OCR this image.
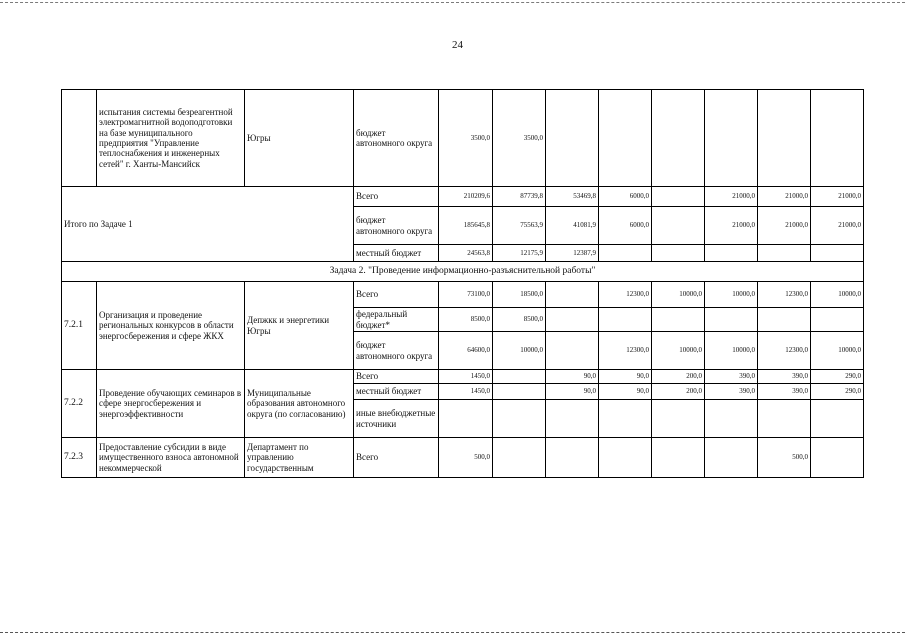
24
	испытания системы безреагентной электромагнитной водоподготовки на базе муниципального предприятия "Управление теплоснабжения и инженерных сетей" г. Ханты-Мансийск	Югры	бюджет автономного округа	3500,0	3500,0						
Итого по Задаче 1			Всего	210209,6	87739,8	53469,8	6000,0		21000,0	21000,0	21000,0
			бюджет автономного округа	185645,8	75563,9	41081,9	6000,0		21000,0	21000,0	21000,0
			местный бюджет	24563,8	12175,9	12387,9					
Задача 2. "Проведение информационно-разъяснительной работы"											
7.2.1	Организация и проведение региональных конкурсов в области энергосбережения и сфере ЖКХ	Депжкк и энергетики Югры	Всего	73100,0	18500,0		12300,0	10000,0	10000,0	12300,0	10000,0
			федеральный бюджет*	8500,0	8500,0						
			бюджет автономного округа	64600,0	10000,0		12300,0	10000,0	10000,0	12300,0	10000,0
7.2.2	Проведение обучающих семинаров в сфере энергосбережения и энергоэффективности	Муниципальные образования автономного округа (по согласованию)	Всего	1450,0		90,0	90,0	200,0	390,0	390,0	290,0
			местный бюджет	1450,0		90,0	90,0	200,0	390,0	390,0	290,0
			иные внебюджетные источники								
7.2.3	Предоставление субсидии в виде имущественного взноса автономной некоммерческой	Департамент по управлению государственным	Всего	500,0						500,0	
